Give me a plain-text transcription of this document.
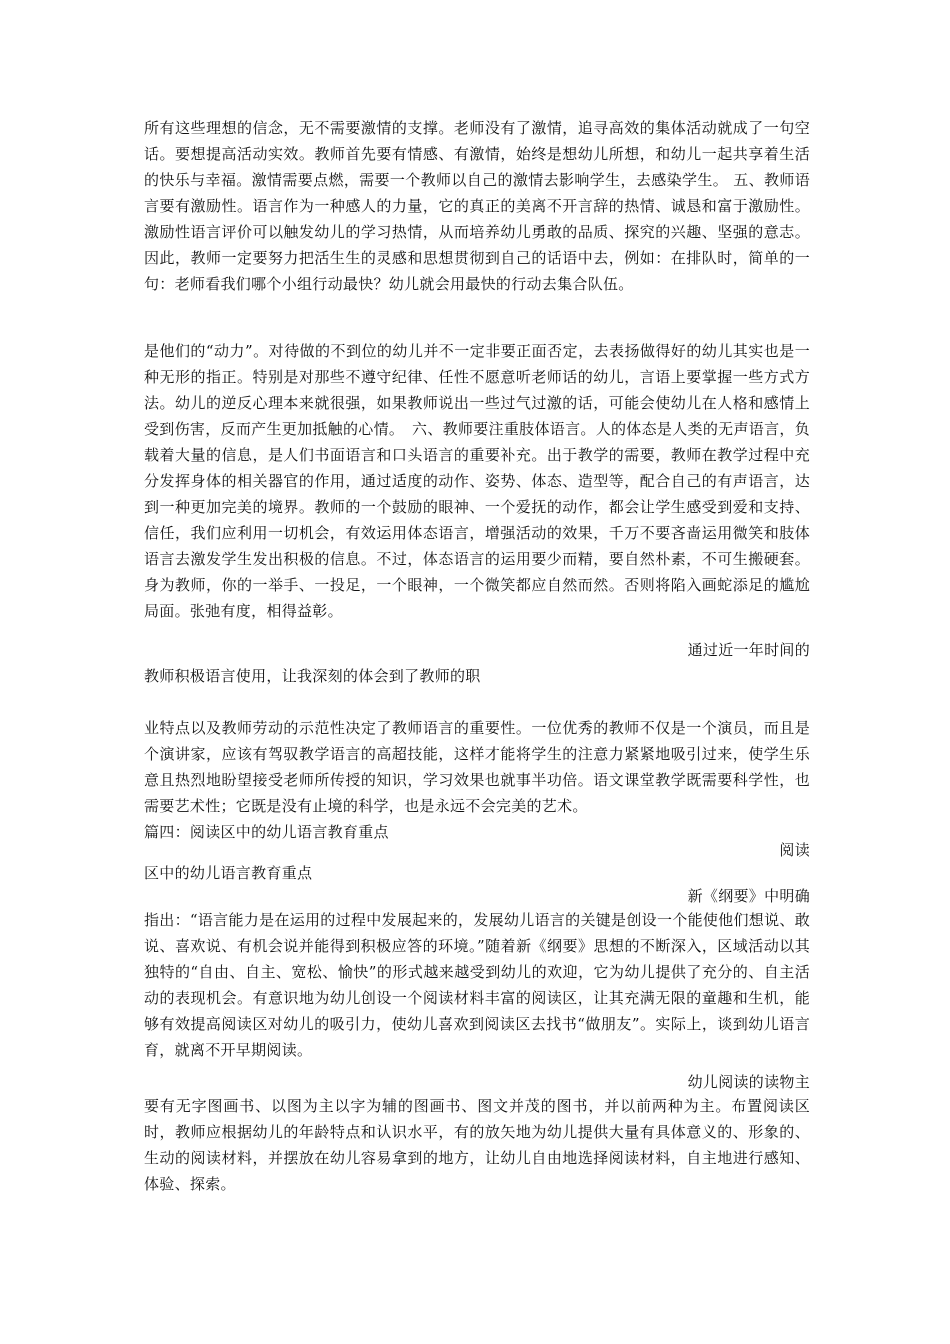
所有这些理想的信念，无不需要激情的支撑。老师没有了激情，追寻高效的集体活动就成了一句空话。要想提高活动实效。教师首先要有情感、有激情，始终是想幼儿所想，和幼儿一起共享着生活的快乐与幸福。激情需要点燃，需要一个教师以自己的激情去影响学生，去感染学生。 五、教师语言要有激励性。语言作为一种感人的力量，它的真正的美离不开言辞的热情、诚恳和富于激励性。激励性语言评价可以触发幼儿的学习热情，从而培养幼儿勇敢的品质、探究的兴趣、坚强的意志。因此，教师一定要努力把活生生的灵感和思想贯彻到自己的话语中去，例如：在排队时，简单的一句：老师看我们哪个小组行动最快？幼儿就会用最快的行动去集合队伍。
是他们的“动力”。对待做的不到位的幼儿并不一定非要正面否定，去表扬做得好的幼儿其实也是一种无形的指正。特别是对那些不遵守纪律、任性不愿意听老师话的幼儿，言语上要掌握一些方式方法。幼儿的逆反心理本来就很强，如果教师说出一些过气过激的话，可能会使幼儿在人格和感情上受到伤害，反而产生更加抵触的心情。　六、教师要注重肢体语言。人的体态是人类的无声语言，负载着大量的信息，是人们书面语言和口头语言的重要补充。出于教学的需要，教师在教学过程中充分发挥身体的相关器官的作用，通过适度的动作、姿势、体态、造型等，配合自己的有声语言，达到一种更加完美的境界。教师的一个鼓励的眼神、一个爱抚的动作，都会让学生感受到爱和支持、信任，我们应利用一切机会，有效运用体态语言，增强活动的效果，千万不要吝啬运用微笑和肢体语言去激发学生发出积极的信息。不过，体态语言的运用要少而精，要自然朴素，不可生搬硬套。身为教师，你的一举手、一投足，一个眼神，一个微笑都应自然而然。否则将陷入画蛇添足的尴尬局面。张弛有度，相得益彰。
通过近一年时间的
教师积极语言使用，让我深刻的体会到了教师的职
业特点以及教师劳动的示范性决定了教师语言的重要性。一位优秀的教师不仅是一个演员，而且是个演讲家，应该有驾驭教学语言的高超技能，这样才能将学生的注意力紧紧地吸引过来，使学生乐意且热烈地盼望接受老师所传授的知识，学习效果也就事半功倍。语文课堂教学既需要科学性，也需要艺术性；它既是没有止境的科学，也是永远不会完美的艺术。
篇四：阅读区中的幼儿语言教育重点
阅读
区中的幼儿语言教育重点
新《纲要》中明确
指出：“语言能力是在运用的过程中发展起来的，发展幼儿语言的关键是创设一个能使他们想说、敢说、喜欢说、有机会说并能得到积极应答的环境。”随着新《纲要》思想的不断深入，区域活动以其独特的“自由、自主、宽松、愉快”的形式越来越受到幼儿的欢迎，它为幼儿提供了充分的、自主活动的表现机会。有意识地为幼儿创设一个阅读材料丰富的阅读区，让其充满无限的童趣和生机，能够有效提高阅读区对幼儿的吸引力，使幼儿喜欢到阅读区去找书“做朋友”。实际上，谈到幼儿语言育，就离不开早期阅读。
幼儿阅读的读物主
要有无字图画书、以图为主以字为辅的图画书、图文并茂的图书，并以前两种为主。布置阅读区时，教师应根据幼儿的年龄特点和认识水平，有的放矢地为幼儿提供大量有具体意义的、形象的、生动的阅读材料，并摆放在幼儿容易拿到的地方，让幼儿自由地选择阅读材料，自主地进行感知、体验、探索。
